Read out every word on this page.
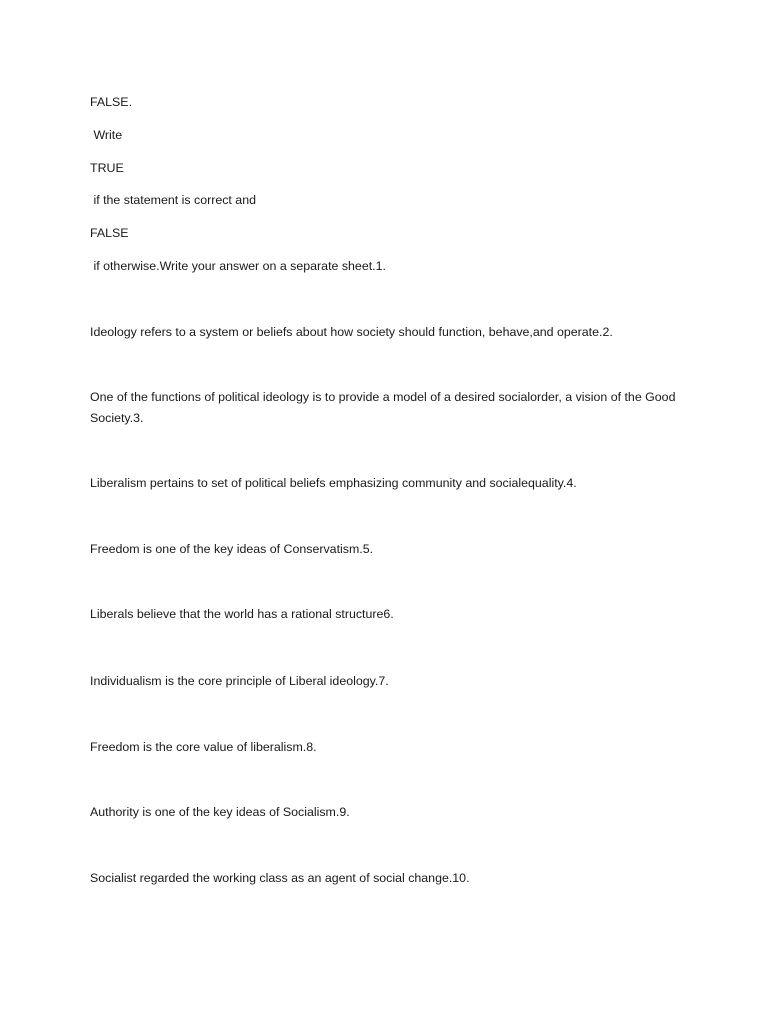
FALSE.

Write

TRUE

if the statement is correct and

FALSE

if otherwise.Write your answer on a separate sheet.1.

Ideology refers to a system or beliefs about how society should function, behave,and operate.2.

One of the functions of political ideology is to provide a model of a desired socialorder, a vision of the Good Society.3.

Liberalism pertains to set of political beliefs emphasizing community and socialequality.4.

Freedom is one of the key ideas of Conservatism.5.

Liberals believe that the world has a rational structure6.

Individualism is the core principle of Liberal ideology.7.

Freedom is the core value of liberalism.8.

Authority is one of the key ideas of Socialism.9.

Socialist regarded the working class as an agent of social change.10.
